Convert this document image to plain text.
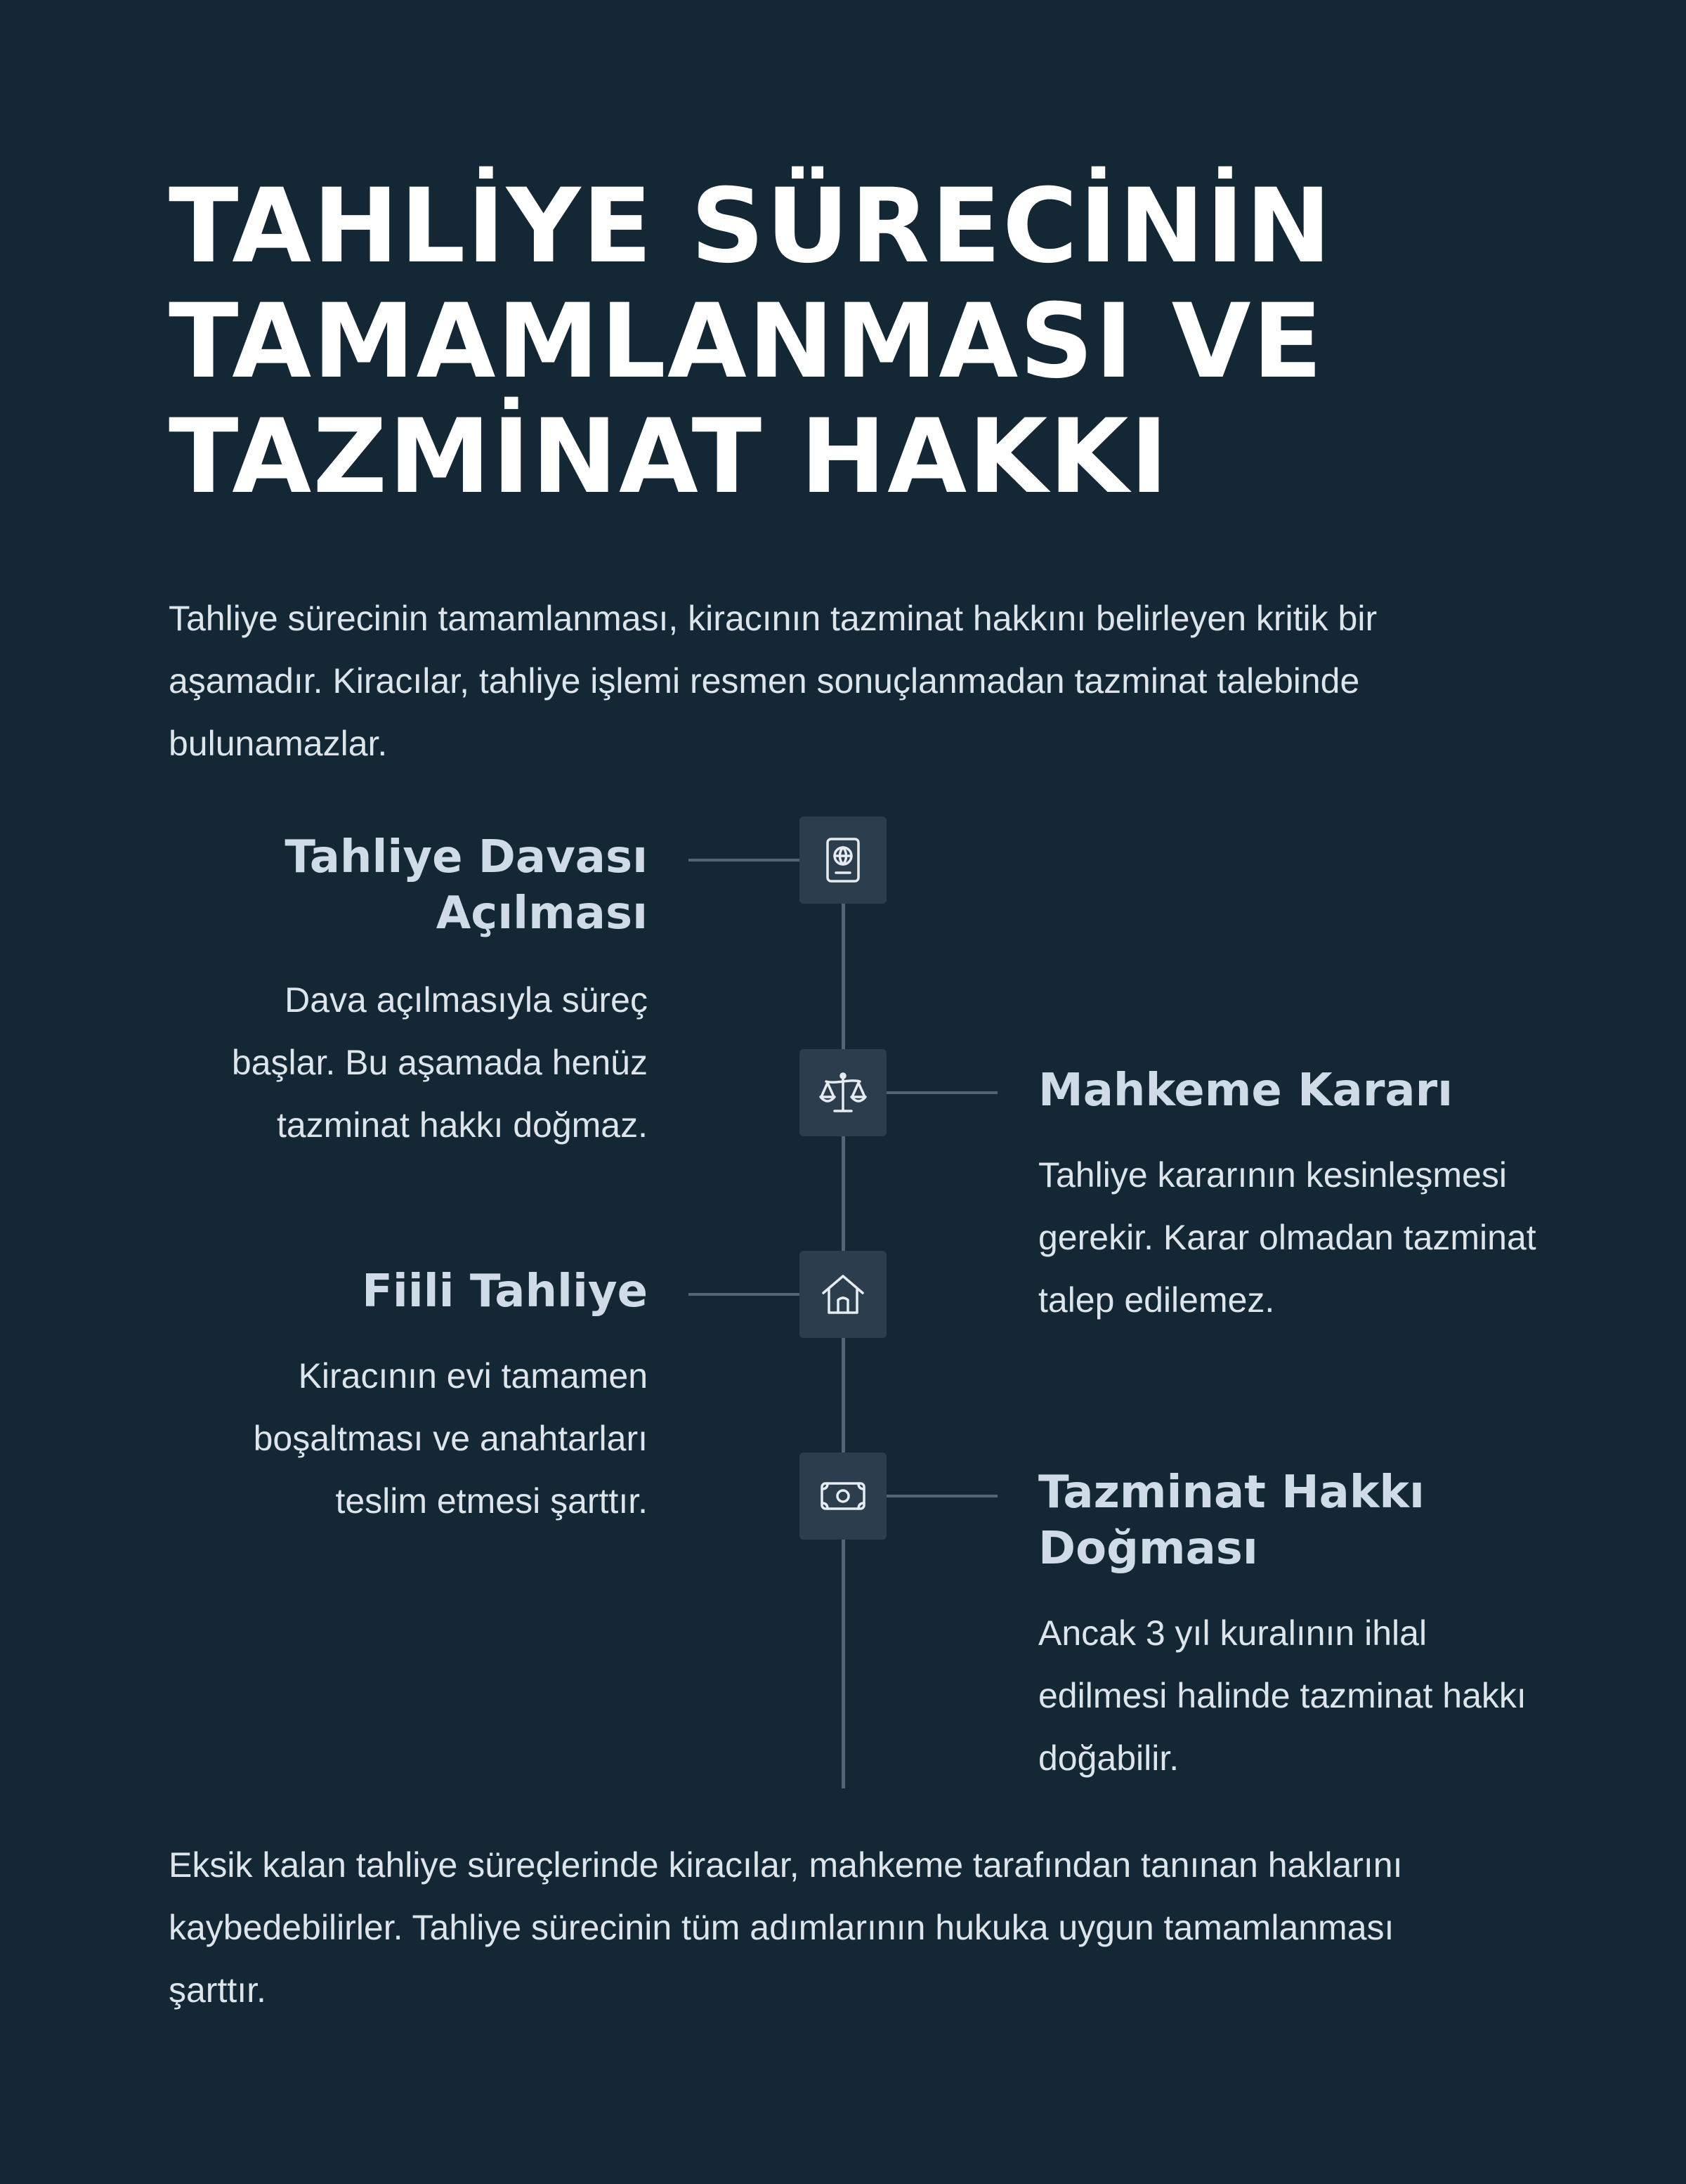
TAHLİYE SÜRECİNİN
TAMAMLANMASI VE
TAZMİNAT HAKKI

Tahliye sürecinin tamamlanması, kiracının tazminat hakkını belirleyen kritik bir aşamadır. Kiracılar, tahliye işlemi resmen sonuçlanmadan tazminat talebinde bulunamazlar.

Tahliye Davası Açılması

Dava açılmasıyla süreç başlar. Bu aşamada henüz tazminat hakkı doğmaz.

Mahkeme Kararı

Tahliye kararının kesinleşmesi gerekir. Karar olmadan tazminat talep edilemez.

Fiili Tahliye

Kiracının evi tamamen boşaltması ve anahtarları teslim etmesi şarttır.	Tazminat Hakkı Doğması

Ancak 3 yıl kuralının ihlal edilmesi halinde tazminat hakkı doğabilir.

Eksik kalan tahliye süreçlerinde kiracılar, mahkeme tarafından tanınan haklarını kaybedebilirler. Tahliye sürecinin tüm adımlarının hukuka uygun tamamlanması şarttır.
